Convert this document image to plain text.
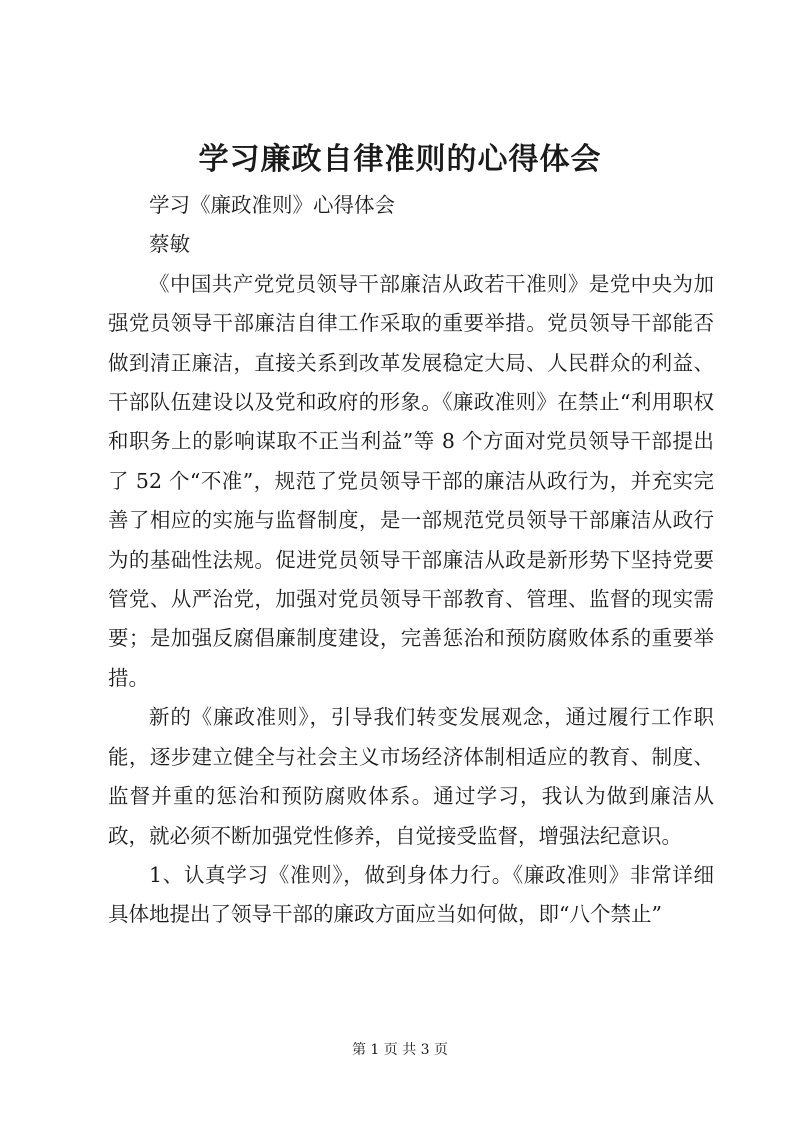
学习廉政自律准则的心得体会

学习《廉政准则》心得体会

蔡敏

《中国共产党党员领导干部廉洁从政若干准则》是党中央为加强党员领导干部廉洁自律工作采取的重要举措。党员领导干部能否做到清正廉洁，直接关系到改革发展稳定大局、人民群众的利益、干部队伍建设以及党和政府的形象。《廉政准则》在禁止“利用职权和职务上的影响谋取不正当利益”等 8 个方面对党员领导干部提出了 52 个“不准”，规范了党员领导干部的廉洁从政行为，并充实完善了相应的实施与监督制度，是一部规范党员领导干部廉洁从政行为的基础性法规。促进党员领导干部廉洁从政是新形势下坚持党要管党、从严治党，加强对党员领导干部教育、管理、监督的现实需要；是加强反腐倡廉制度建设，完善惩治和预防腐败体系的重要举措。

新的《廉政准则》，引导我们转变发展观念，通过履行工作职能，逐步建立健全与社会主义市场经济体制相适应的教育、制度、监督并重的惩治和预防腐败体系。通过学习，我认为做到廉洁从政，就必须不断加强党性修养，自觉接受监督，增强法纪意识。

1、认真学习《准则》，做到身体力行。《廉政准则》非常详细具体地提出了领导干部的廉政方面应当如何做，即“八个禁止”

第 1 页 共 3 页
